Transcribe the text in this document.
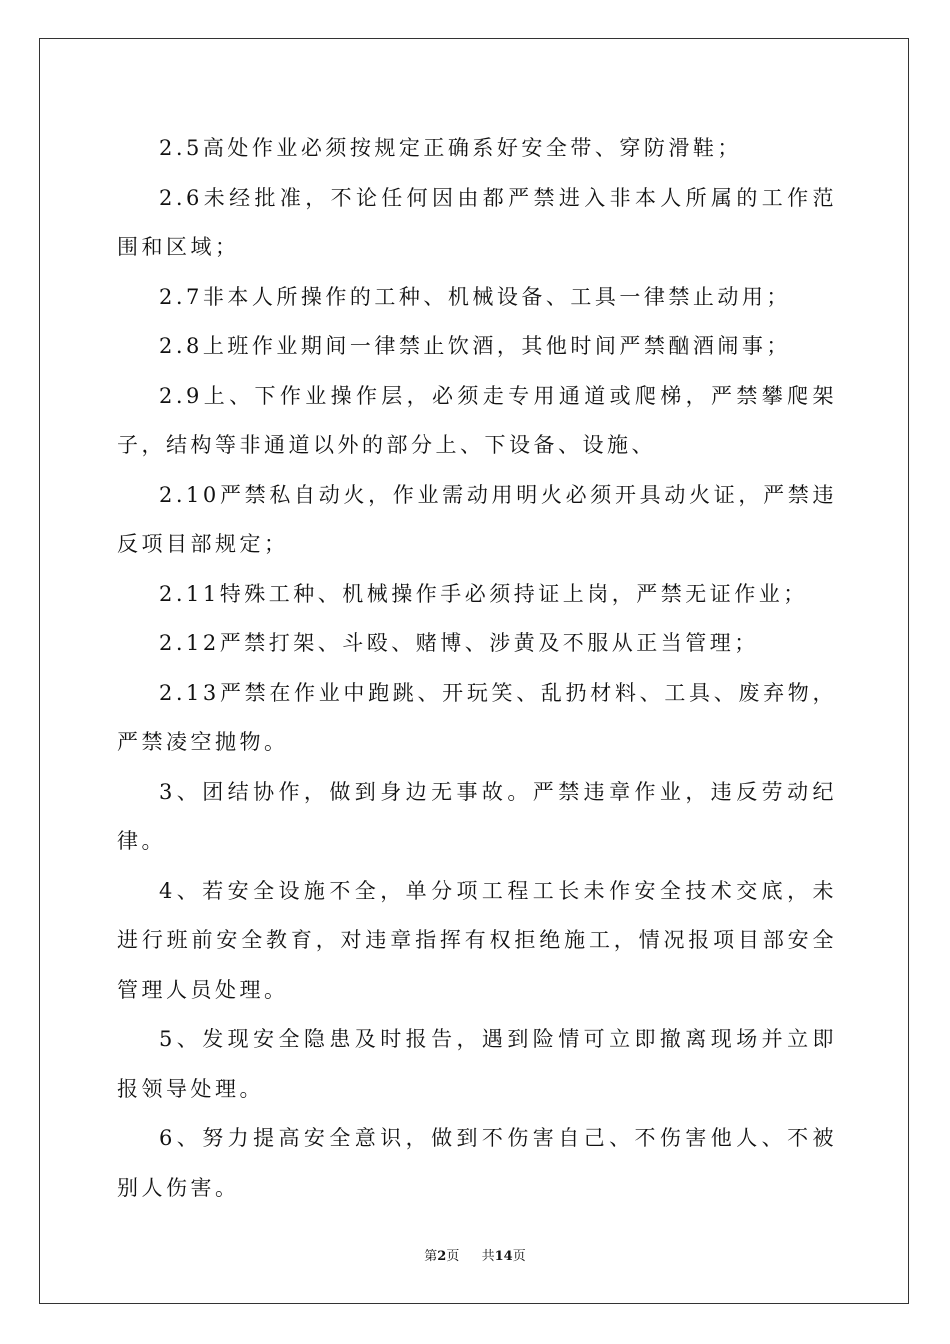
2.5高处作业必须按规定正确系好安全带、穿防滑鞋；

2.6未经批准，不论任何因由都严禁进入非本人所属的工作范围和区域；

2.7非本人所操作的工种、机械设备、工具一律禁止动用；

2.8上班作业期间一律禁止饮酒，其他时间严禁酗酒闹事；

2.9上、下作业操作层，必须走专用通道或爬梯，严禁攀爬架子，结构等非通道以外的部分上、下设备、设施、

2.10严禁私自动火，作业需动用明火必须开具动火证，严禁违反项目部规定；

2.11特殊工种、机械操作手必须持证上岗，严禁无证作业；

2.12严禁打架、斗殴、赌博、涉黄及不服从正当管理；

2.13严禁在作业中跑跳、开玩笑、乱扔材料、工具、废弃物，严禁凌空抛物。

3、团结协作，做到身边无事故。严禁违章作业，违反劳动纪律。

4、若安全设施不全，单分项工程工长未作安全技术交底，未进行班前安全教育，对违章指挥有权拒绝施工，情况报项目部安全管理人员处理。

5、发现安全隐患及时报告，遇到险情可立即撤离现场并立即报领导处理。

6、努力提高安全意识，做到不伤害自己、不伤害他人、不被别人伤害。

第2页 共14页
